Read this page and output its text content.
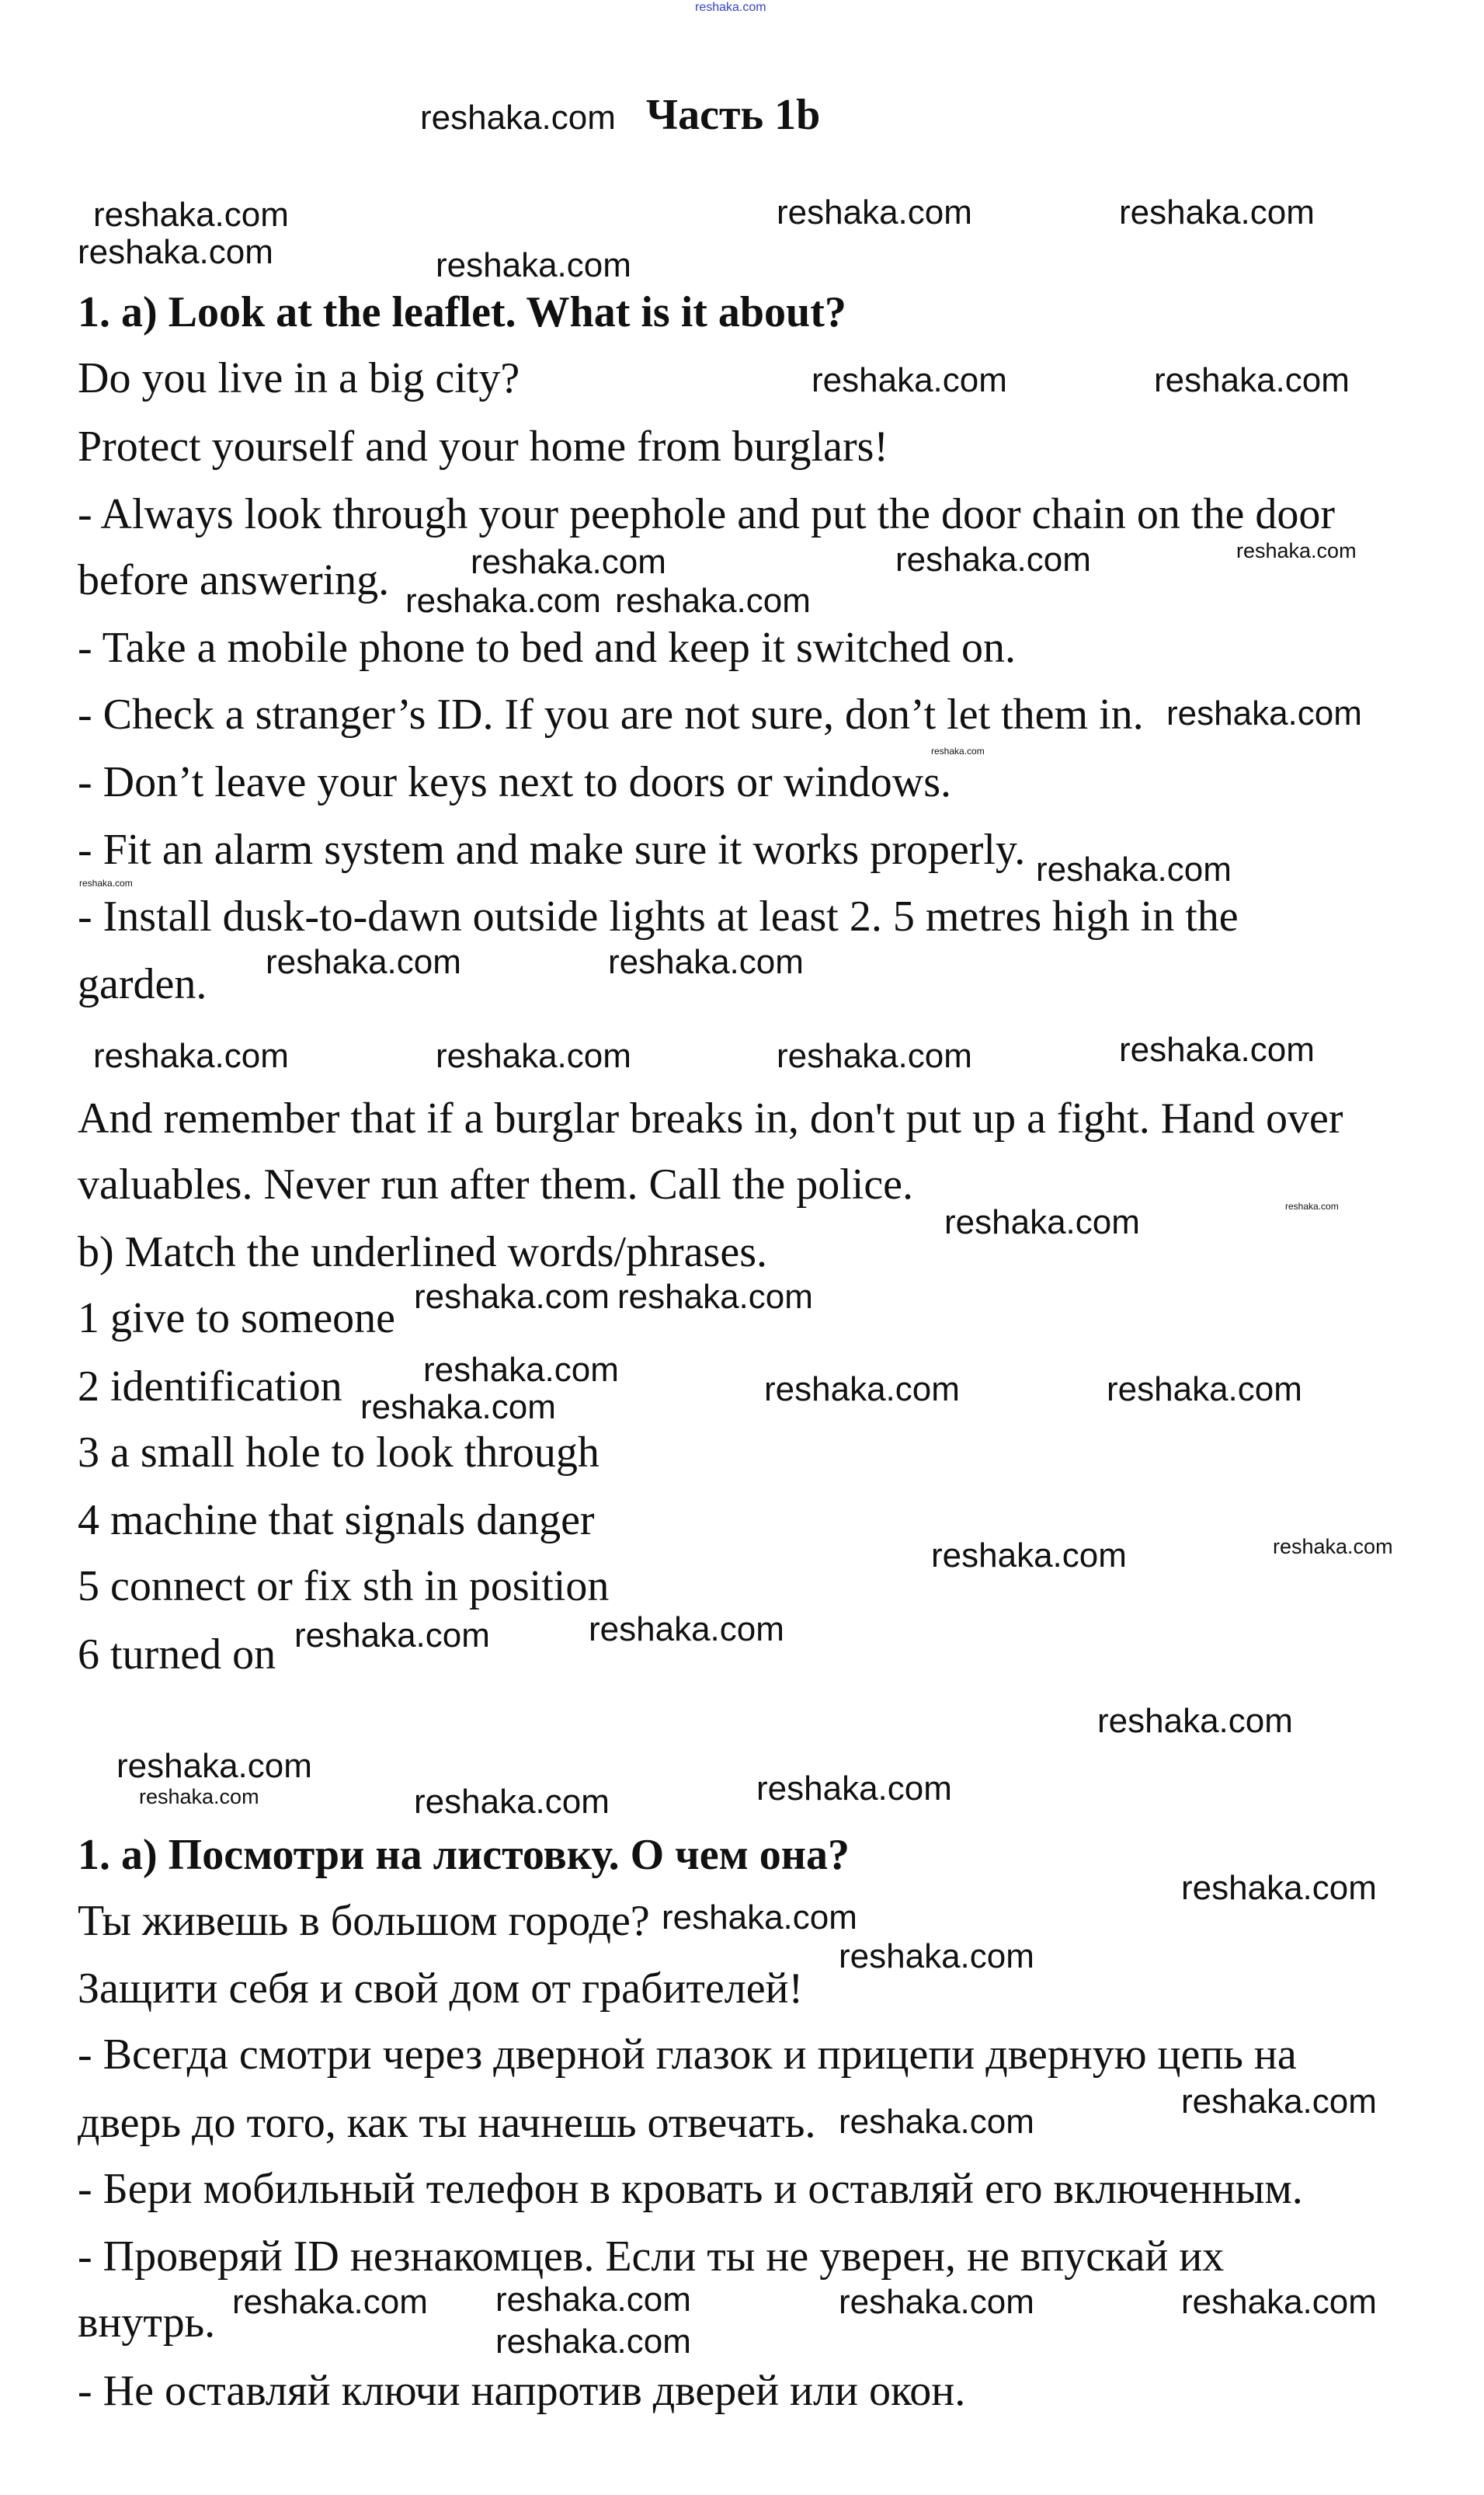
Часть 1b
1. a) Look at the leaflet. What is it about?
Do you live in a big city?
Protect yourself and your home from burglars!
- Always look through your peephole and put the door chain on the door
before answering.
- Take a mobile phone to bed and keep it switched on.
- Check a stranger’s ID. If you are not sure, don’t let them in.
- Don’t leave your keys next to doors or windows.
- Fit an alarm system and make sure it works properly.
- Install dusk-to-dawn outside lights at least 2. 5 metres high in the
garden.
And remember that if a burglar breaks in, don't put up a fight. Hand over
valuables. Never run after them. Call the police.
b) Match the underlined words/phrases.
1 give to someone
2 identification
3 a small hole to look through
4 machine that signals danger
5 connect or fix sth in position
6 turned on
1. а) Посмотри на листовку. О чем она?
Ты живешь в большом городе?
Защити себя и свой дом от грабителей!
- Всегда смотри через дверной глазок и прицепи дверную цепь на
дверь до того, как ты начнешь отвечать.
- Бери мобильный телефон в кровать и оставляй его включенным.
- Проверяй ID незнакомцев. Если ты не уверен, не впускай их
внутрь.
- Не оставляй ключи напротив дверей или окон.
reshaka.com
reshaka.com
reshaka.com	reshaka.com
reshaka.com	reshaka.com
reshaka.com	reshaka.com
reshaka.com
reshaka.com	reshaka.com	reshaka.com
reshaka.com reshaka.com
reshaka.com
reshaka.com
reshaka.com	reshaka.com
reshaka.com
reshaka.com
reshaka.com	reshaka.com	reshaka.com	reshaka.com
reshaka.com reshaka.com
reshaka.com	reshaka.com
reshaka.com	reshaka.com
reshaka.com
reshaka.com
reshaka.com	reshaka.com
reshaka.com
reshaka.com
reshaka.com
reshaka.com	reshaka.com	reshaka.com
reshaka.com
reshaka.com
reshaka.com
reshaka.com
reshaka.com
reshaka.com
reshaka.com
reshaka.com	reshaka.com	reshaka.com
reshaka.com
